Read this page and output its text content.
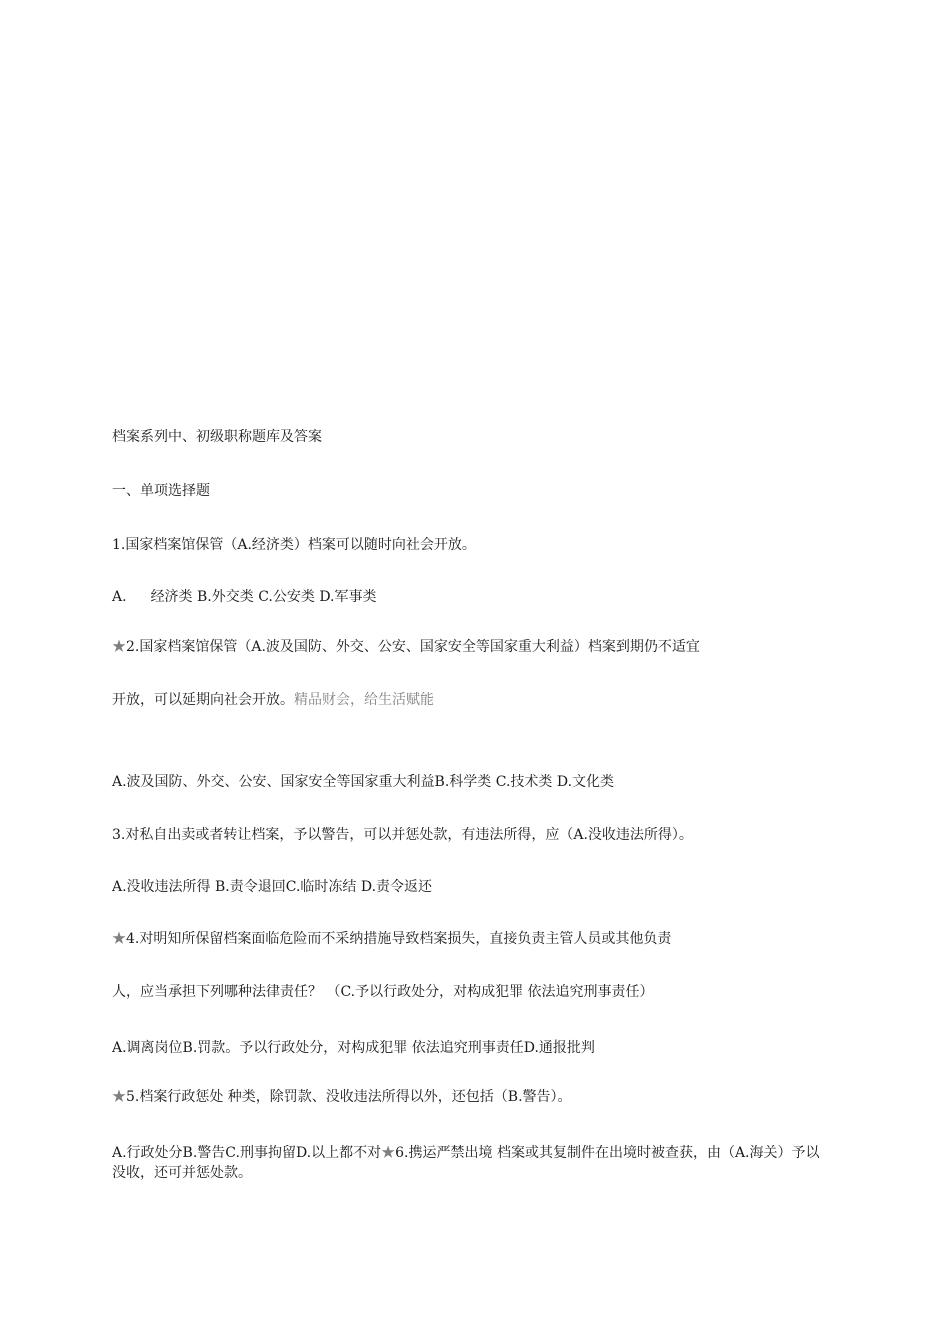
档案系列中、初级职称题库及答案
一、单项选择题
1.国家档案馆保管（A.经济类）档案可以随时向社会开放。
A. 经济类 B.外交类 C.公安类 D.军事类
★2.国家档案馆保管（A.波及国防、外交、公安、国家安全等国家重大利益）档案到期仍不适宜
开放，可以延期向社会开放。精品财会，给生活赋能
A.波及国防、外交、公安、国家安全等国家重大利益B.科学类 C.技术类 D.文化类
3.对私自出卖或者转让档案，予以警告，可以并惩处款，有违法所得，应（A.没收违法所得）。
A.没收违法所得 B.责令退回C.临时冻结 D.责令返还
★4.对明知所保留档案面临危险而不采纳措施导致档案损失，直接负责主管人员或其他负责
人，应当承担下列哪种法律责任？ （C.予以行政处分，对构成犯罪 依法追究刑事责任）
A.调离岗位B.罚款。予以行政处分，对构成犯罪 依法追究刑事责任D.通报批判
★5.档案行政惩处 种类，除罚款、没收违法所得以外，还包括（B.警告）。
A.行政处分B.警告C.刑事拘留D.以上都不对★6.携运严禁出境 档案或其复制件在出境时被查获，由（A.海关）予以没收，还可并惩处款。
